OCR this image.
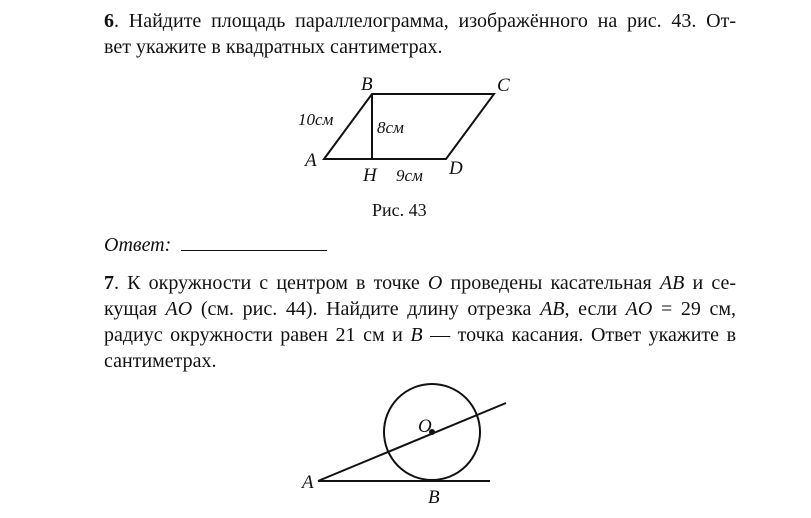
6. Найдите площадь параллелограмма, изображённого на рис. 43. От-
вет укажите в квадратных сантиметрах.
B	C
A	D
H
10см	8см
9см
O
A
B
Рис. 43
Ответ:
7. К окружности с центром в точке O проведены касательная AB и се-
кущая AO (см. рис. 44). Найдите длину отрезка AB, если AO = 29 см,
радиус окружности равен 21 см и B — точка касания. Ответ укажите в
сантиметрах.
